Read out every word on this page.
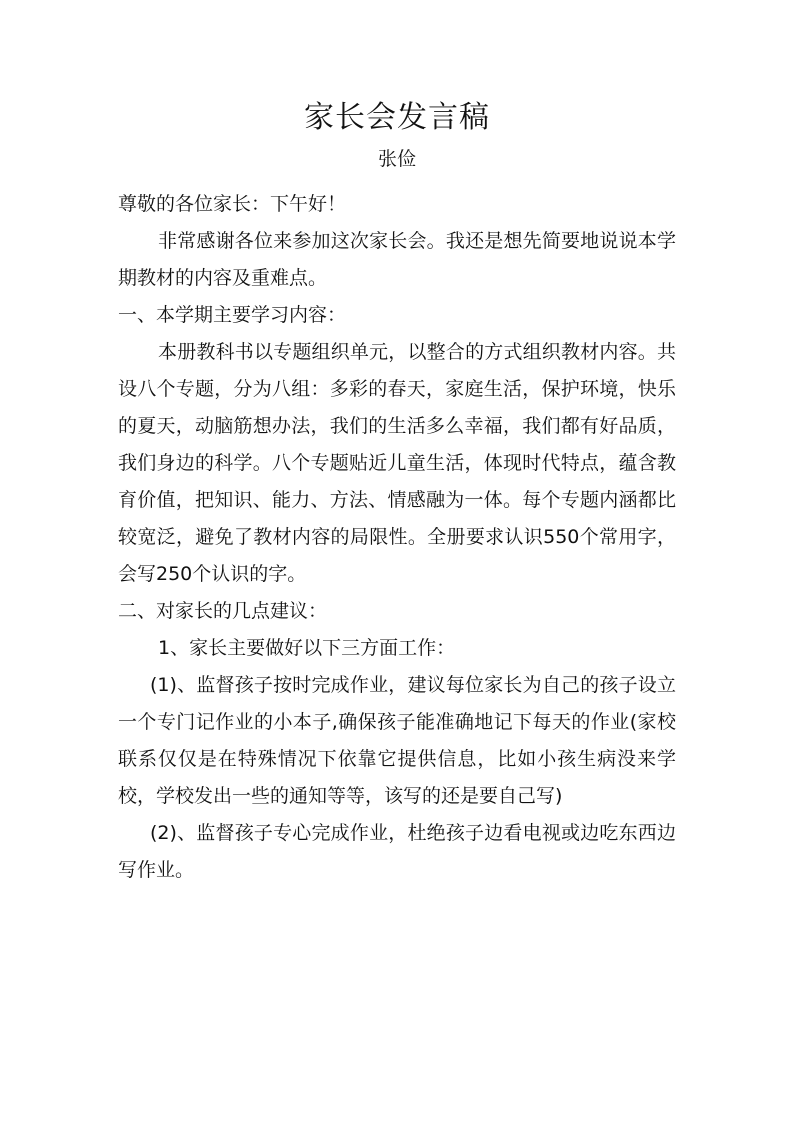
家长会发言稿
张俭

尊敬的各位家长：下午好！

非常感谢各位来参加这次家长会。我还是想先简要地说说本学期教材的内容及重难点。

一、本学期主要学习内容：

本册教科书以专题组织单元，以整合的方式组织教材内容。共设八个专题，分为八组：多彩的春天，家庭生活，保护环境，快乐的夏天，动脑筋想办法，我们的生活多么幸福，我们都有好品质，我们身边的科学。八个专题贴近儿童生活，体现时代特点，蕴含教育价值，把知识、能力、方法、情感融为一体。每个专题内涵都比较宽泛，避免了教材内容的局限性。全册要求认识550个常用字，会写250个认识的字。

二、对家长的几点建议：

1、家长主要做好以下三方面工作：

(1)、监督孩子按时完成作业，建议每位家长为自己的孩子设立一个专门记作业的小本子,确保孩子能准确地记下每天的作业(家校联系仅仅是在特殊情况下依靠它提供信息，比如小孩生病没来学校，学校发出一些的通知等等，该写的还是要自己写)

(2)、监督孩子专心完成作业，杜绝孩子边看电视或边吃东西边写作业。
